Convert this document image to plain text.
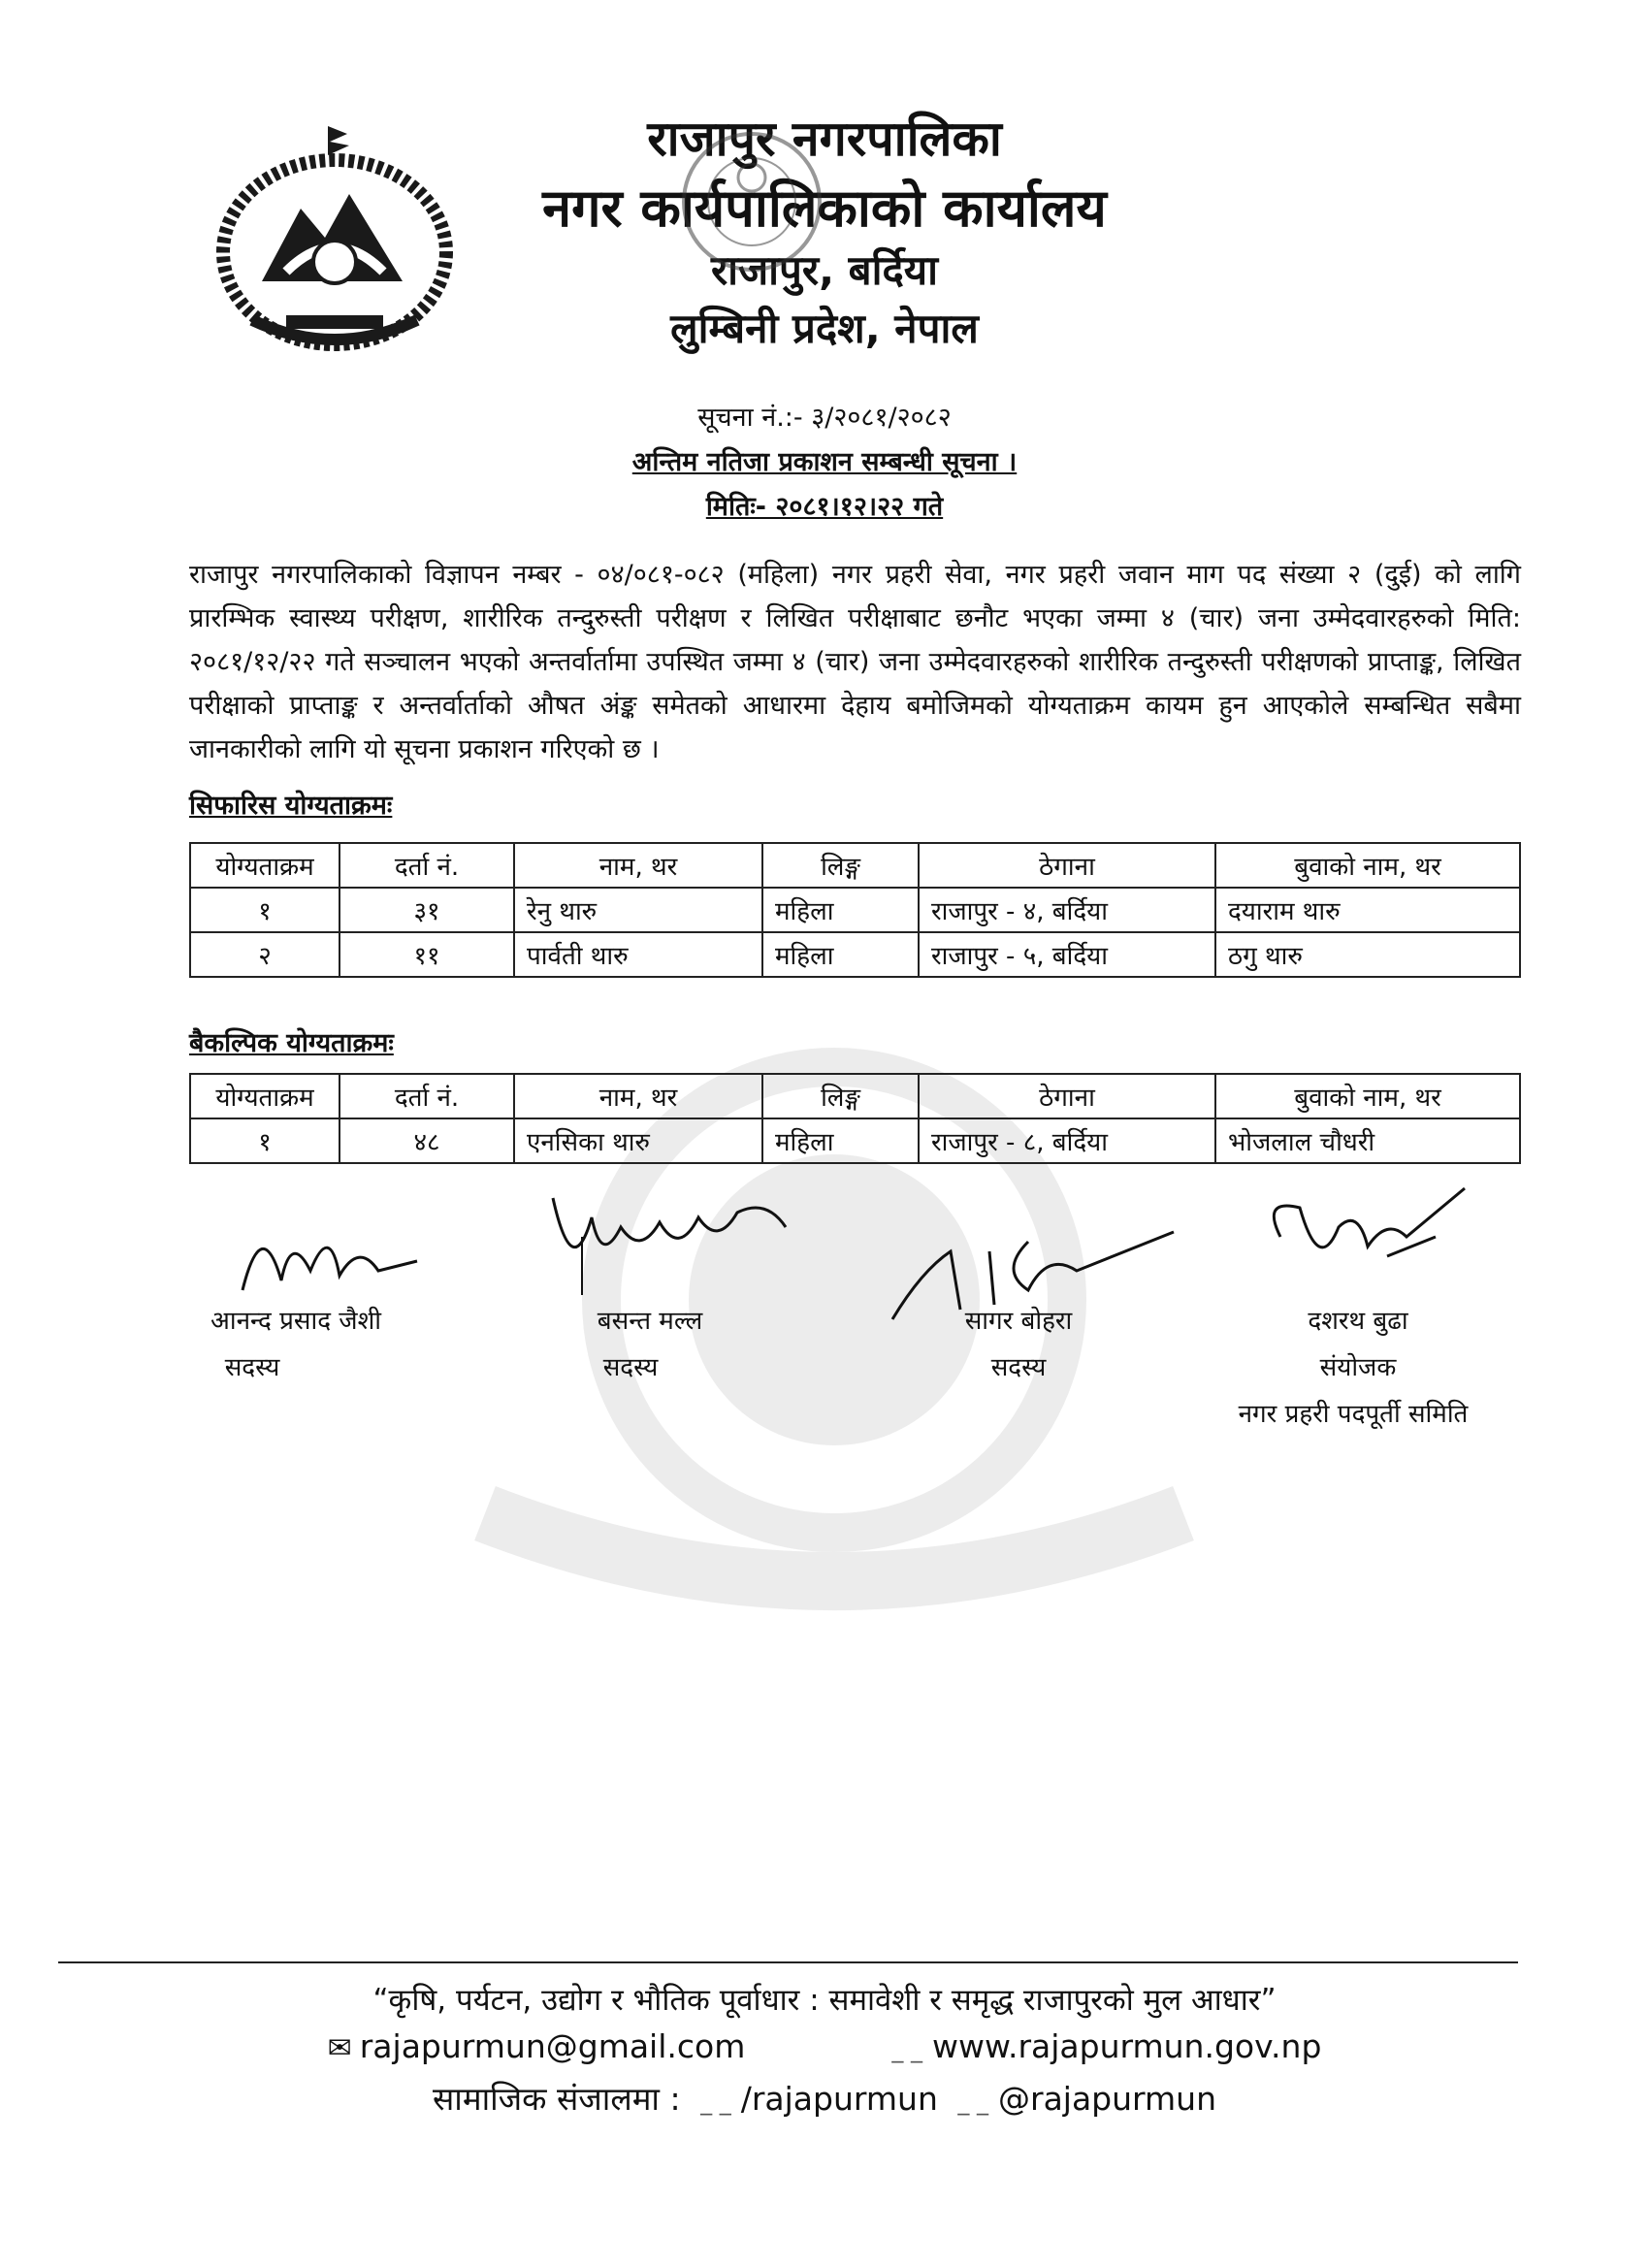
राजापुर नगरपालिका
नगर कार्यपालिकाको कार्यालय
राजापुर, बर्दिया
लुम्बिनी प्रदेश, नेपाल
सूचना नं.:- ३/२०८१/२०८२
अन्तिम नतिजा प्रकाशन सम्बन्धी सूचना ।
मितिः- २०८१।१२।२२ गते
राजापुर नगरपालिकाको विज्ञापन नम्बर - ०४/०८१-०८२ (महिला) नगर प्रहरी सेवा, नगर प्रहरी जवान माग पद संख्या २ (दुई) को लागि प्रारम्भिक स्वास्थ्य परीक्षण, शारीरिक तन्दुरुस्ती परीक्षण र लिखित परीक्षाबाट छनौट भएका जम्मा ४ (चार) जना उम्मेदवारहरुको मिति: २०८१/१२/२२ गते सञ्चालन भएको अन्तर्वार्तामा उपस्थित जम्मा ४ (चार) जना उम्मेदवारहरुको शारीरिक तन्दुरुस्ती परीक्षणको प्राप्ताङ्क, लिखित परीक्षाको प्राप्ताङ्क र अन्तर्वार्ताको औषत अंङ्क समेतको आधारमा देहाय बमोजिमको योग्यताक्रम कायम हुन आएकोले सम्बन्धित सबैमा जानकारीको लागि यो सूचना प्रकाशन गरिएको छ ।
सिफारिस योग्यताक्रमः
योग्यताक्रम	दर्ता नं.	नाम, थर	लिङ्ग	ठेगाना	बुवाको नाम, थर
१	३१	रेनु थारु	महिला	राजापुर - ४, बर्दिया	दयाराम थारु
२	११	पार्वती थारु	महिला	राजापुर - ५, बर्दिया	ठगु थारु
बैकल्पिक योग्यताक्रमः
योग्यताक्रम	दर्ता नं.	नाम, थर	लिङ्ग	ठेगाना	बुवाको नाम, थर
१	४८	एनसिका थारु	महिला	राजापुर - ८, बर्दिया	भोजलाल चौधरी
आनन्द प्रसाद जैशी
सदस्य
बसन्त मल्ल
सदस्य
सागर बोहरा
सदस्य
दशरथ बुढा
संयोजक
नगर प्रहरी पदपूर्ती समिति
“कृषि, पर्यटन, उद्योग र भौतिक पूर्वाधार : समावेशी र समृद्ध राजापुरको मुल आधार”
✉ rajapurmun@gmail.com	_ _ www.rajapurmun.gov.np
सामाजिक संजालमा : _ _ /rajapurmun _ _ @rajapurmun
